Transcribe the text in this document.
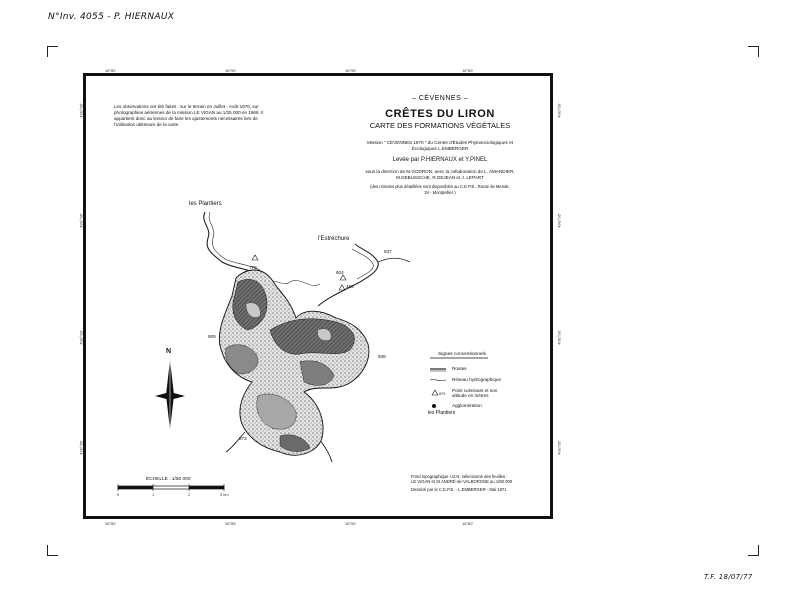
N°Inv. 4055 - P. HIERNAUX
T.F. 18/07/77
16°80'	16°90'	16°95'	16°60'
16°80'	16°85'	16°90'	16°60'
49G°00'
49G°95'
49G°90'
49G°85'
49G°00'
49G°95'
49G°90'
49G°85'
les Plantiers
l'Estréchure
778
637
604
453
909
938
973
N
Les observations ont été faites : sur le terrain en Juillet - Août 1970, sur photographies aériennes de la mission LE VIGAN au 1/25 000 en 1968. Il appartient donc au lecteur de faire les ajustements nécessaires lors de l'utilisation ultérieure de la carte.
– CÉVENNES –
CRÊTES DU LIRON
CARTE DES FORMATIONS VÉGÉTALES
Mission " CÉVENNES 1970 " du Centre d'Études Phytosociologiques et Écologiques L.EMBERGER
Levée par P.HIERNAUX et Y.PINEL
sous la direction de M.GODRON, avec la collaboration de L. AMANDIER, M.DEBUSSCHE, R.DEJEAN et J. LEPART
(des minutes plus détaillées sont disponibles au C.E.P.E., Route de Mende, 34 - Montpellier )
Signes conventionnels
Routes
Réseau hydrographique
Point culminant et son altitude en mètres
870
Agglomération
les Plantiers
ÉCHELLE : 1/50 000
0	1	2	3 km
Fond topographique I.G.N. sélectionné des feuilles :
LE VIGAN et St ANDRÉ-de-VALBORGNE au 1/50 000
Dessiné par le C.E.P.E. - L.EMBERGER - Mai 1971
